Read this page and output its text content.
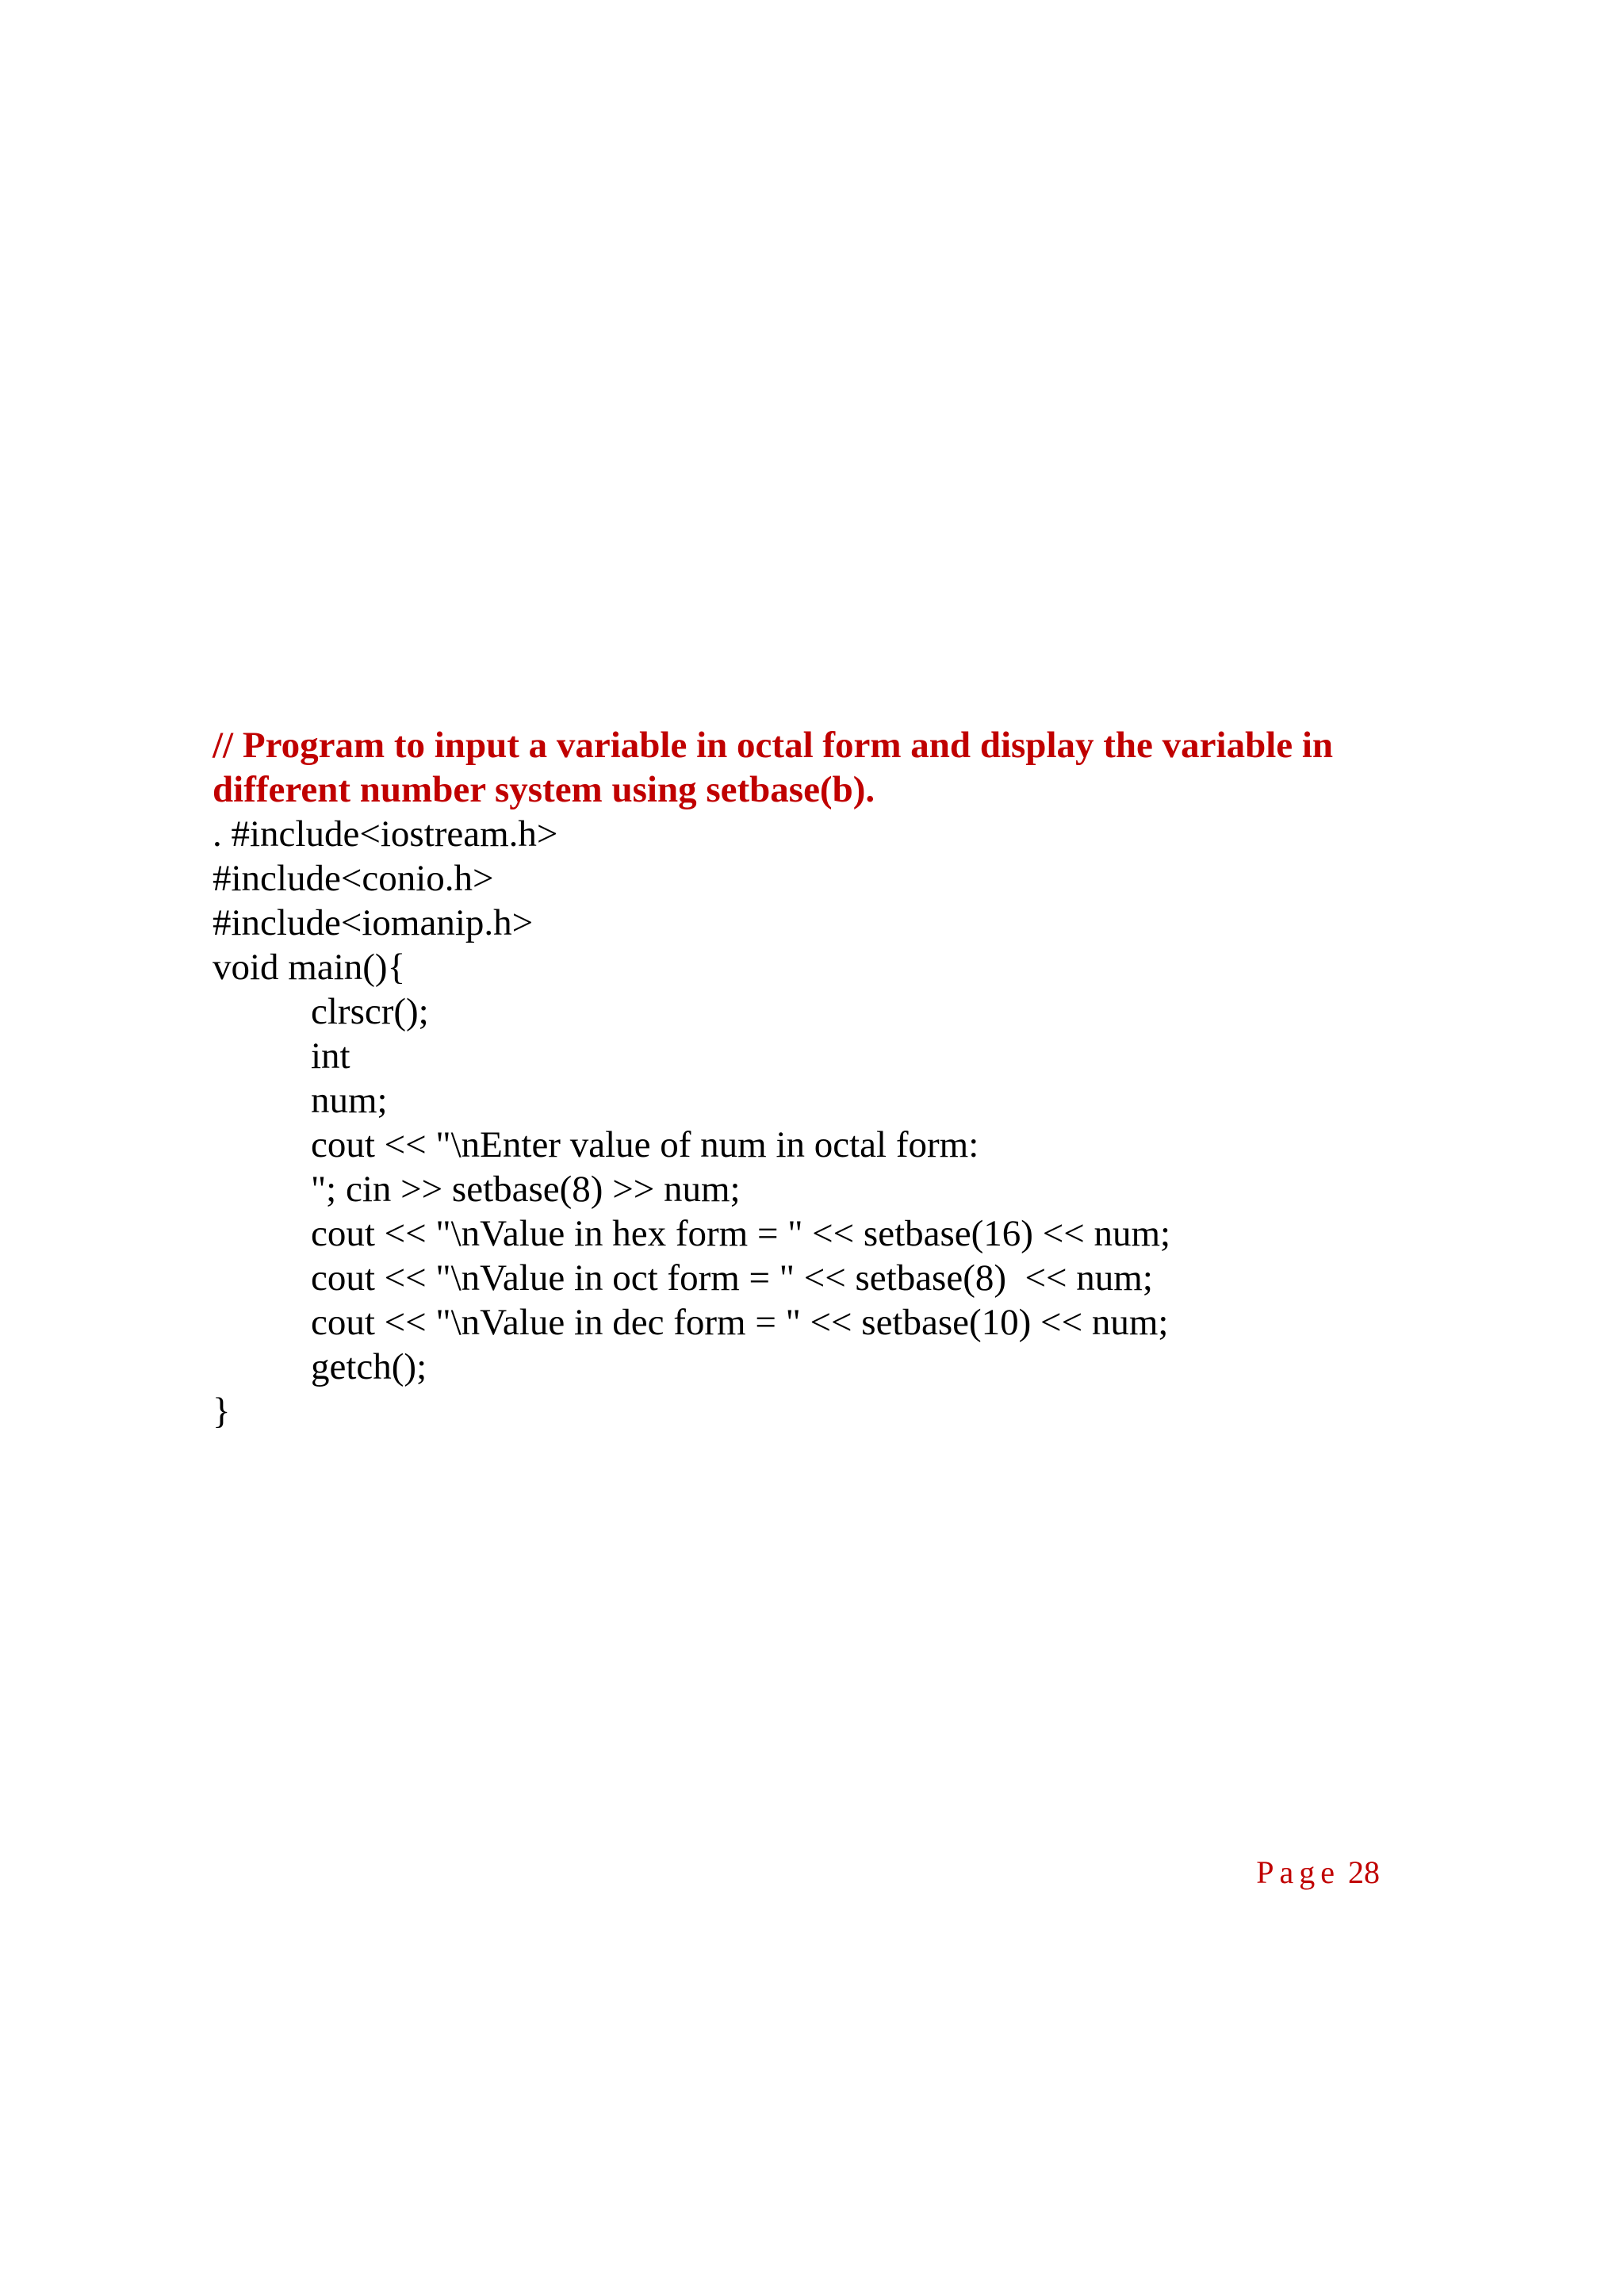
// Program to input a variable in octal form and display the variable in
different number system using setbase(b).
. #include<iostream.h>
#include<conio.h>
#include<iomanip.h>
void main(){
clrscr();
int
num;
cout << "\nEnter value of num in octal form:
"; cin >> setbase(8) >> num;
cout << "\nValue in hex form = " << setbase(16) << num;
cout << "\nValue in oct form = " << setbase(8)  << num;
cout << "\nValue in dec form = " << setbase(10) << num;
getch();
}
Page 28
